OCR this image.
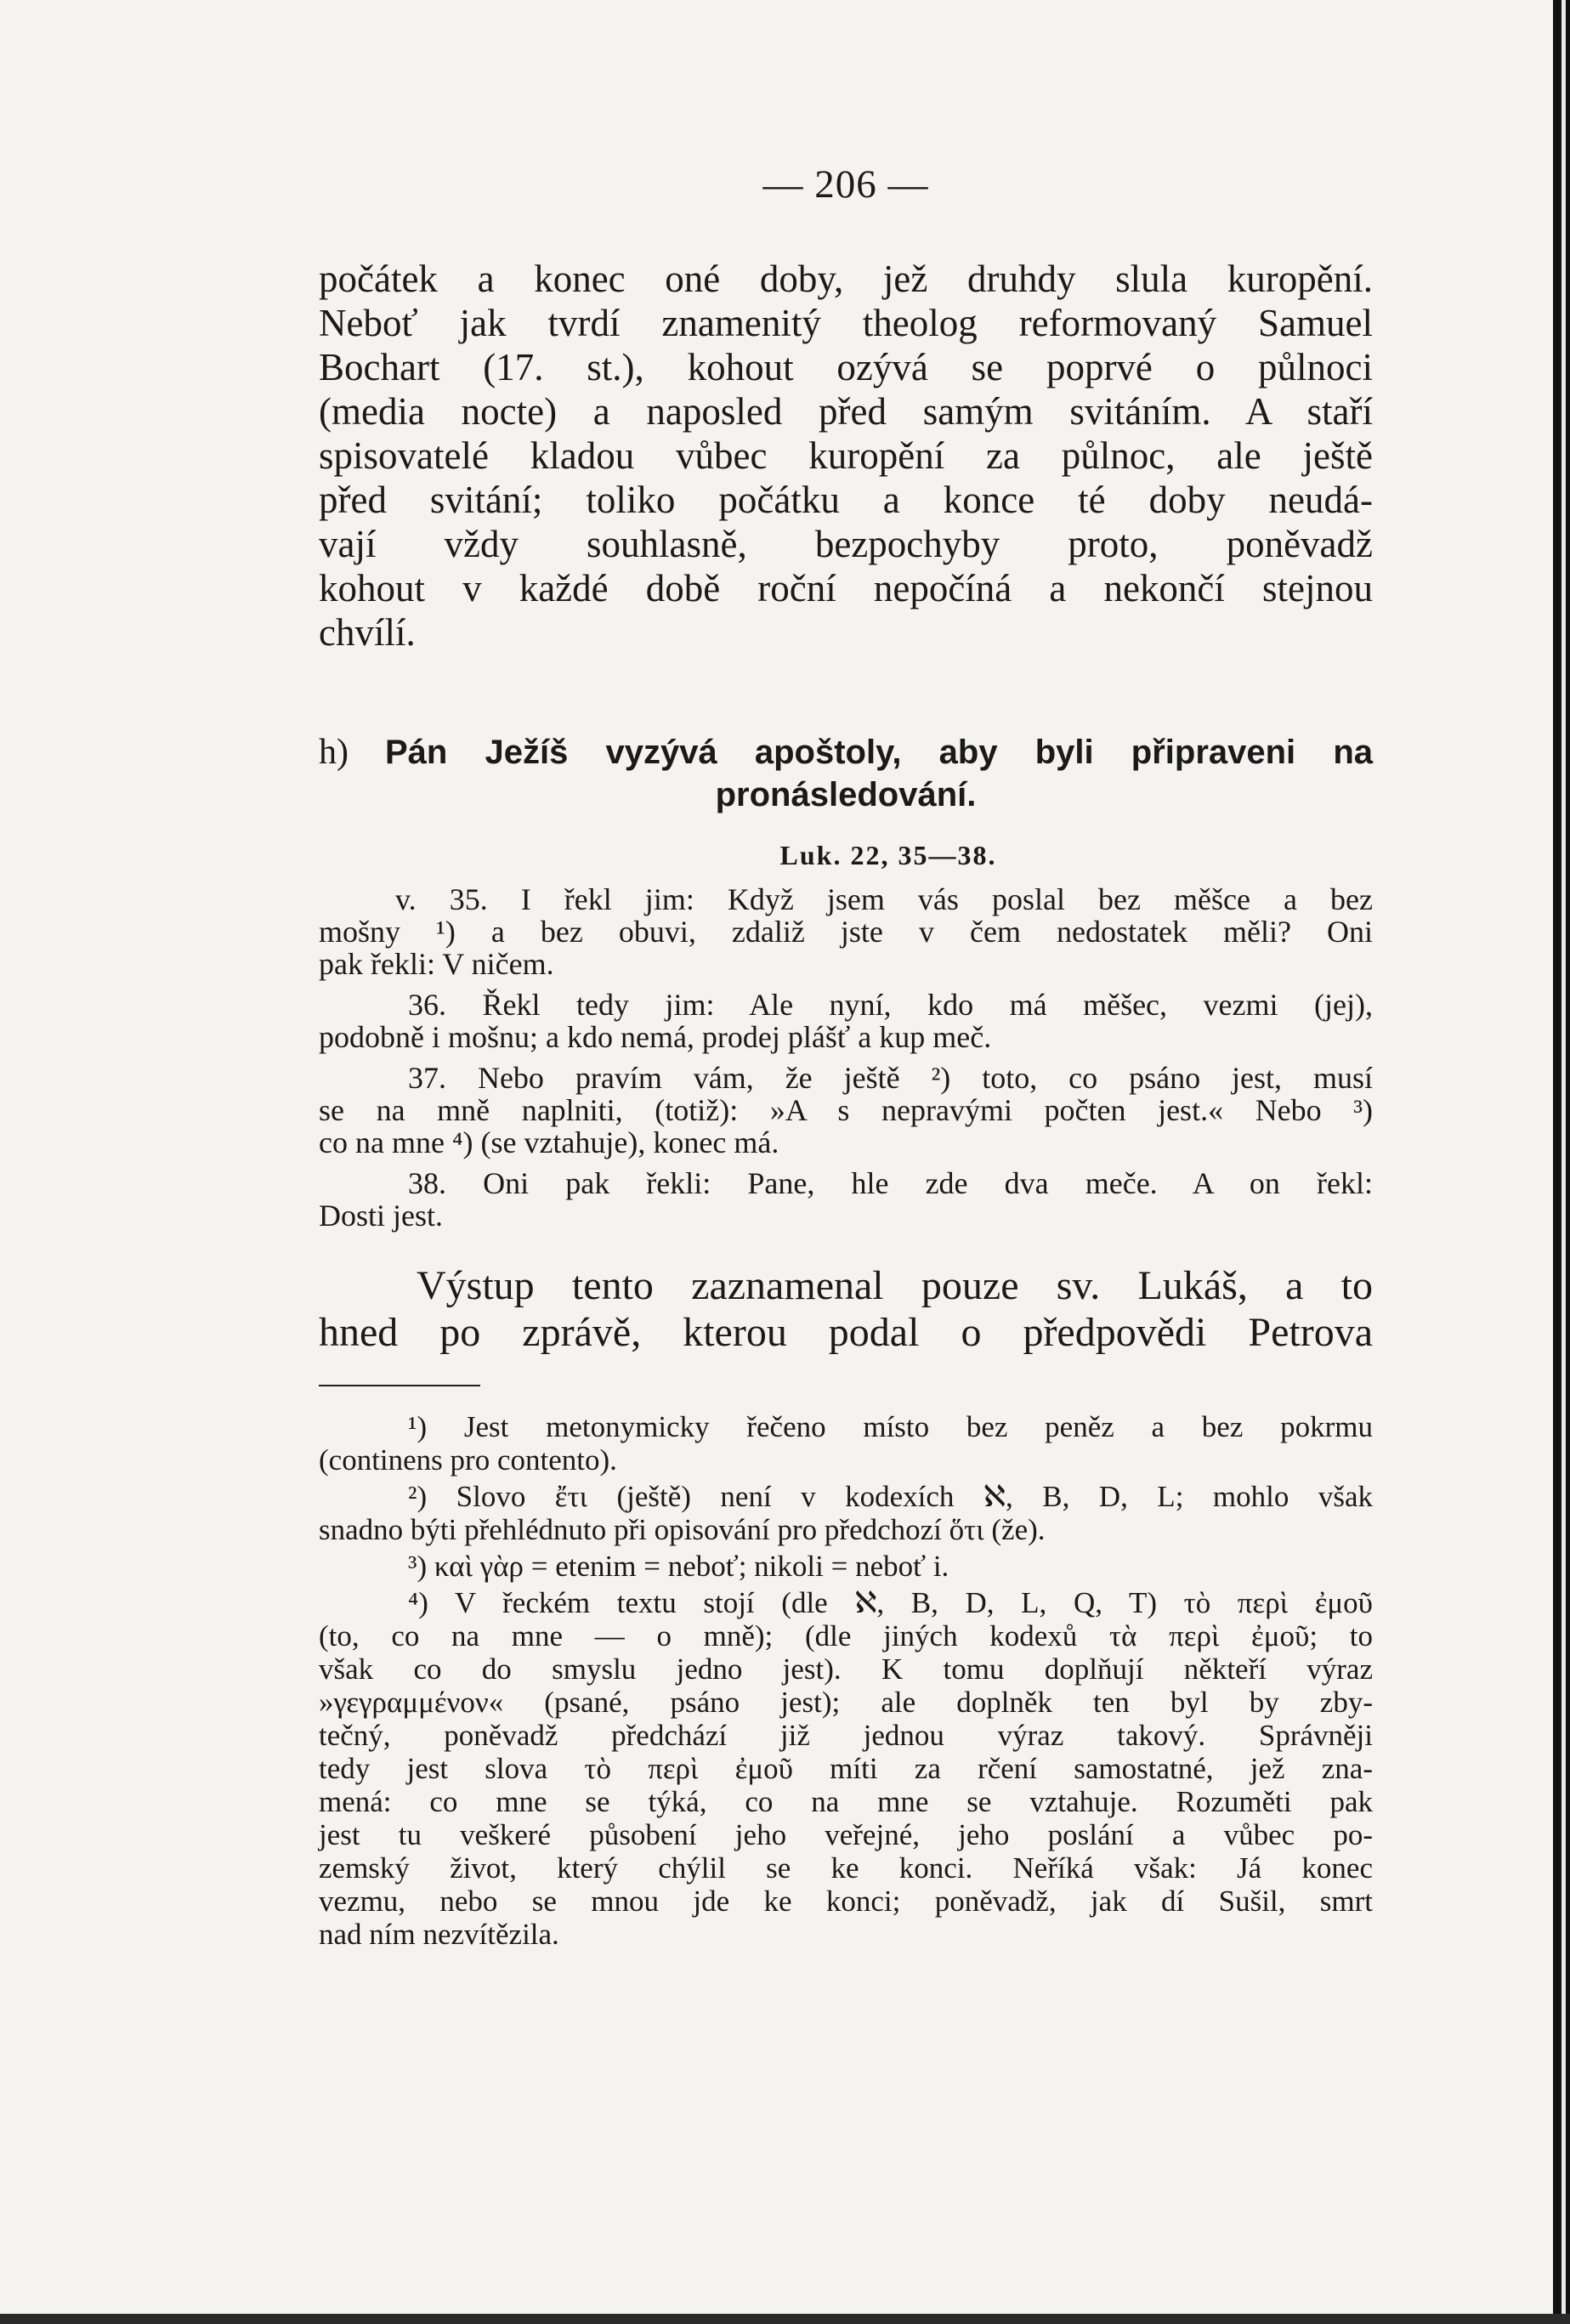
— 206 —
počátek a konec oné doby, jež druhdy slula kuropění.
Neboť jak tvrdí znamenitý theolog reformovaný Samuel
Bochart (17. st.), kohout ozývá se poprvé o půlnoci
(media nocte) a naposled před samým svitáním. A staří
spisovatelé kladou vůbec kuropění za půlnoc, ale ještě
před svitání; toliko počátku a konce té doby neudá-
vají vždy souhlasně, bezpochyby proto, poněvadž
kohout v každé době roční nepočíná a nekončí stejnou
chvílí.
h) Pán Ježíš vyzývá apoštoly, aby byli připraveni na
pronásledování.
Luk. 22, 35—38.
v. 35. I řekl jim: Když jsem vás poslal bez měšce a bez
mošny ¹) a bez obuvi, zdaliž jste v čem nedostatek měli? Oni
pak řekli: V ničem.
36. Řekl tedy jim: Ale nyní, kdo má měšec, vezmi (jej),
podobně i mošnu; a kdo nemá, prodej plášť a kup meč.
37. Nebo pravím vám, že ještě ²) toto, co psáno jest, musí
se na mně naplniti, (totiž): »A s nepravými počten jest.« Nebo ³)
co na mne ⁴) (se vztahuje), konec má.
38. Oni pak řekli: Pane, hle zde dva meče. A on řekl:
Dosti jest.
Výstup tento zaznamenal pouze sv. Lukáš, a to
hned po zprávě, kterou podal o předpovědi Petrova
¹) Jest metonymicky řečeno místo bez peněz a bez pokrmu
(continens pro contento).
²) Slovo ἔτι (ještě) není v kodexích ℵ, B, D, L; mohlo však
snadno býti přehlédnuto při opisování pro předchozí ὅτι (že).
³) καὶ γὰρ = etenim = neboť; nikoli = neboť i.
⁴) V řeckém textu stojí (dle ℵ, B, D, L, Q, T) τὸ περὶ ἐμοῦ
(to, co na mne — o mně); (dle jiných kodexů τὰ περὶ ἐμοῦ; to
však co do smyslu jedno jest). K tomu doplňují někteří výraz
»γεγραμμένον« (psané, psáno jest); ale doplněk ten byl by zby-
tečný, poněvadž předchází již jednou výraz takový. Správněji
tedy jest slova τὸ περὶ ἐμοῦ míti za rčení samostatné, jež zna-
mená: co mne se týká, co na mne se vztahuje. Rozuměti pak
jest tu veškeré působení jeho veřejné, jeho poslání a vůbec po-
zemský život, který chýlil se ke konci. Neříká však: Já konec
vezmu, nebo se mnou jde ke konci; poněvadž, jak dí Sušil, smrt
nad ním nezvítězila.
